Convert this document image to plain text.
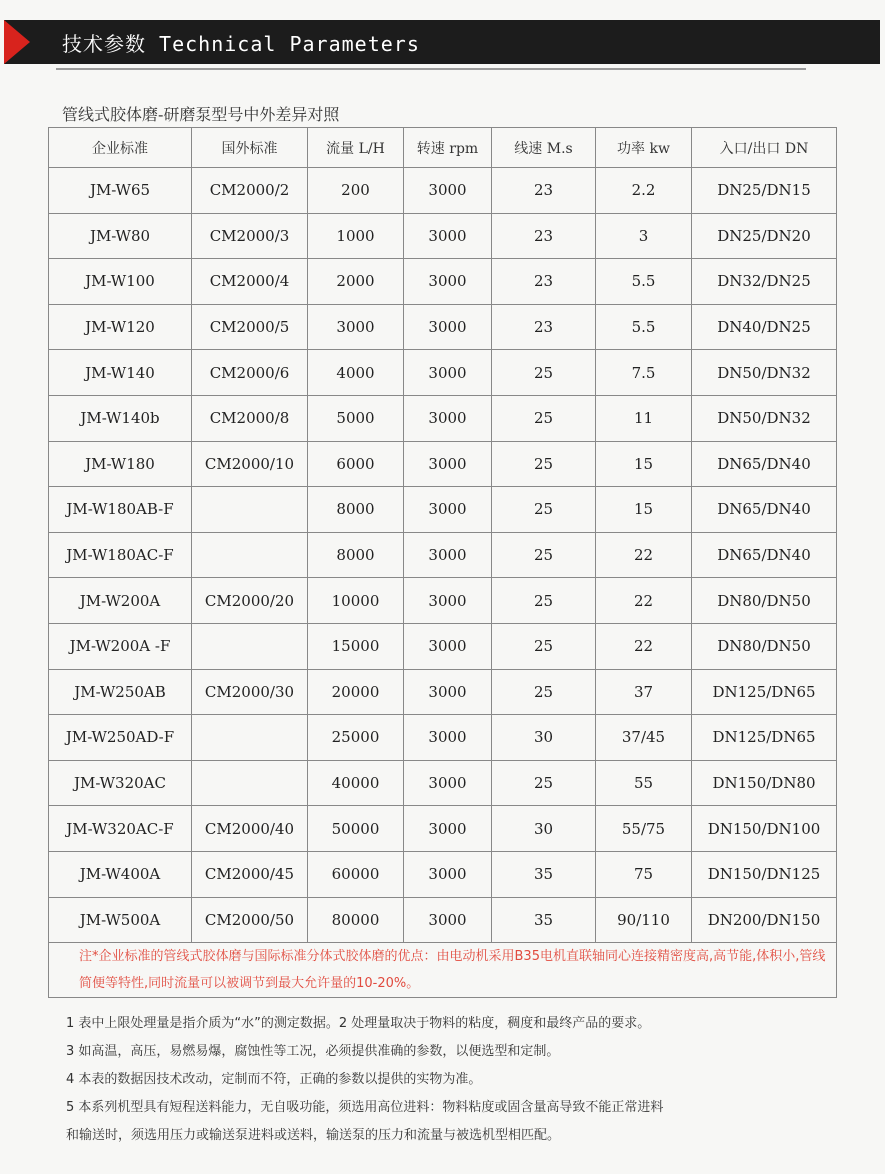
技术参数 Technical Parameters
管线式胶体磨-研磨泵型号中外差异对照
企业标准	国外标准	流量 L/H	转速 rpm	线速 M.s	功率 kw	入口/出口 DN
JM-W65	CM2000/2	200	3000	23	2.2	DN25/DN15
JM-W80	CM2000/3	1000	3000	23	3	DN25/DN20
JM-W100	CM2000/4	2000	3000	23	5.5	DN32/DN25
JM-W120	CM2000/5	3000	3000	23	5.5	DN40/DN25
JM-W140	CM2000/6	4000	3000	25	7.5	DN50/DN32
JM-W140b	CM2000/8	5000	3000	25	11	DN50/DN32
JM-W180	CM2000/10	6000	3000	25	15	DN65/DN40
JM-W180AB-F		8000	3000	25	15	DN65/DN40
JM-W180AC-F		8000	3000	25	22	DN65/DN40
JM-W200A	CM2000/20	10000	3000	25	22	DN80/DN50
JM-W200A -F		15000	3000	25	22	DN80/DN50
JM-W250AB	CM2000/30	20000	3000	25	37	DN125/DN65
JM-W250AD-F		25000	3000	30	37/45	DN125/DN65
JM-W320AC		40000	3000	25	55	DN150/DN80
JM-W320AC-F	CM2000/40	50000	3000	30	55/75	DN150/DN100
JM-W400A	CM2000/45	60000	3000	35	75	DN150/DN125
JM-W500A	CM2000/50	80000	3000	35	90/110	DN200/DN150

注*企业标准的管线式胶体磨与国际标准分体式胶体磨的优点：由电动机采用B35电机直联轴同心连接精密度高,高节能,体积小,管线简便等特性,同时流量可以被调节到最大允许量的10-20%。						

1 表中上限处理量是指介质为“水”的测定数据。2 处理量取决于物料的粘度，稠度和最终产品的要求。

3 如高温，高压，易燃易爆，腐蚀性等工况，必须提供准确的参数，以便选型和定制。

4 本表的数据因技术改动，定制而不符，正确的参数以提供的实物为准。

5 本系列机型具有短程送料能力，无自吸功能，须选用高位进料：物料粘度或固含量高导致不能正常进料

和输送时，须选用压力或输送泵进料或送料，输送泵的压力和流量与被选机型相匹配。
